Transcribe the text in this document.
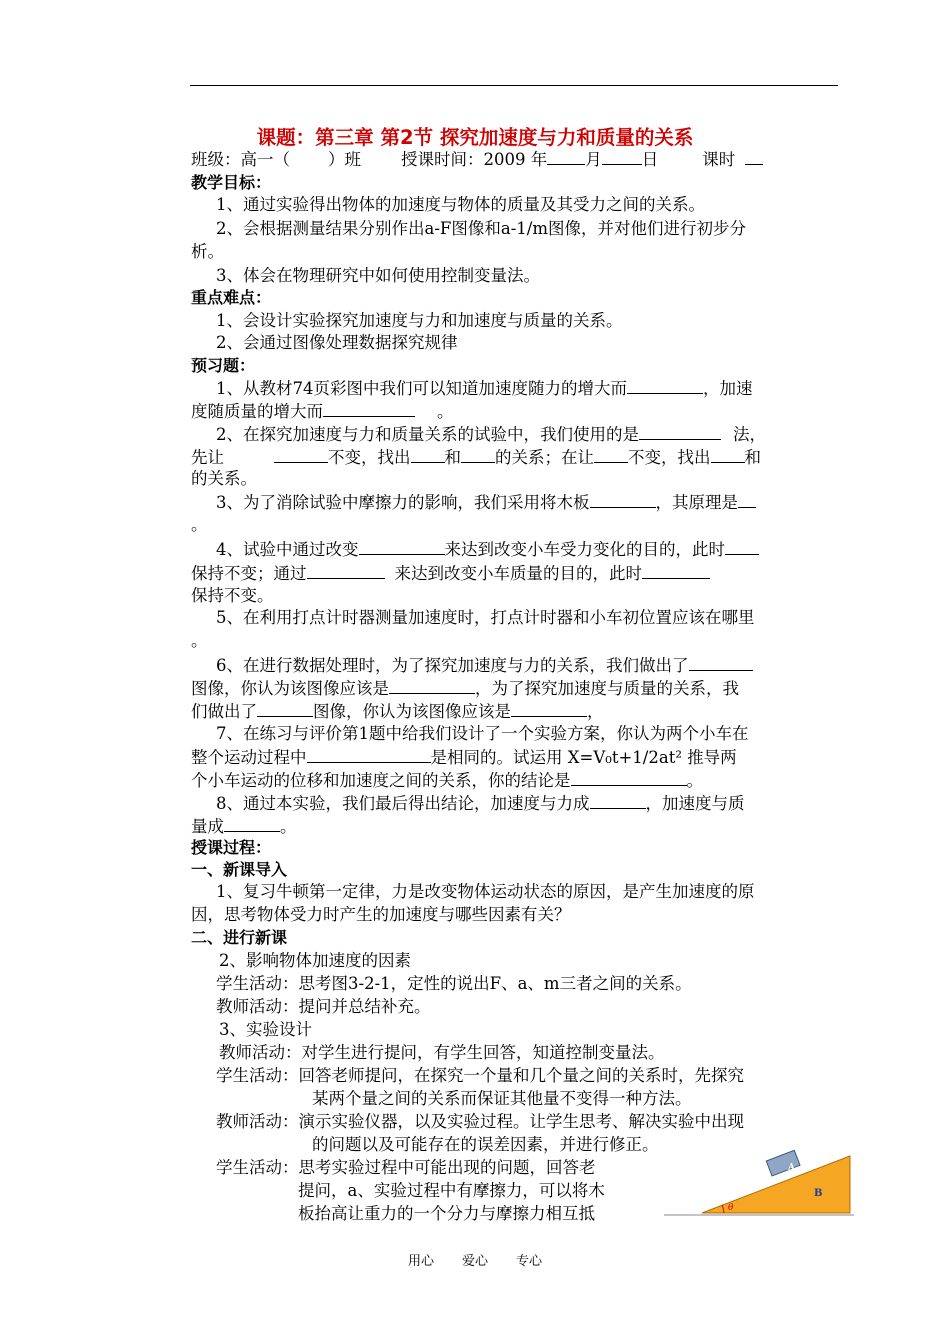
课题：第三章 第2节 探究加速度与力和质量的关系
班级：高一（ ）班 授课时间：2009 年 月 日	课时
教学目标：
1、通过实验得出物体的加速度与物体的质量及其受力之间的关系。
2、会根据测量结果分别作出a-F图像和a-1/m图像，并对他们进行初步分
析。
3、体会在物理研究中如何使用控制变量法。
重点难点：
1、会设计实验探究加速度与力和加速度与质量的关系。
2、会通过图像处理数据探究规律
预习题：
1、从教材74页彩图中我们可以知道加速度随力的增大而	，加速
度随质量的增大而	。
2、在探究加速度与力和质量关系的试验中，我们使用的是	法，
先让	不变，找出 和 的关系；在让 不变，找出 和
的关系。
3、为了消除试验中摩擦力的影响，我们采用将木板	，其原理是
。
4、试验中通过改变	来达到改变小车受力变化的目的，此时
保持不变；通过	来达到改变小车质量的目的，此时
保持不变。
5、在利用打点计时器测量加速度时，打点计时器和小车初位置应该在哪里
。
6、在进行数据处理时，为了探究加速度与力的关系，我们做出了
图像，你认为该图像应该是	，为了探究加速度与质量的关系，我
们做出了	图像，你认为该图像应该是	，
7、在练习与评价第1题中给我们设计了一个实验方案，你认为两个小车在
整个运动过程中	是相同的。试运用 X=V₀t+1/2at² 推导两
个小车运动的位移和加速度之间的关系，你的结论是	。
8、通过本实验，我们最后得出结论，加速度与力成	，加速度与质
量成	。
授课过程：
一、新课导入
1、复习牛顿第一定律，力是改变物体运动状态的原因，是产生加速度的原
因，思考物体受力时产生的加速度与哪些因素有关？
二、进行新课
2、影响物体加速度的因素
学生活动：思考图3-2-1，定性的说出F、a、m三者之间的关系。
教师活动：提问并总结补充。
3、实验设计
教师活动：对学生进行提问，有学生回答，知道控制变量法。
学生活动：回答老师提问，在探究一个量和几个量之间的关系时，先探究
某两个量之间的关系而保证其他量不变得一种方法。
教师活动：演示实验仪器，以及实验过程。让学生思考、解决实验中出现
的问题以及可能存在的误差因素，并进行修正。
学生活动：思考实验过程中可能出现的问题，回答老
提问，a、实验过程中有摩擦力，可以将木
板抬高让重力的一个分力与摩擦力相互抵
A
B
θ
用心 爱心 专心
